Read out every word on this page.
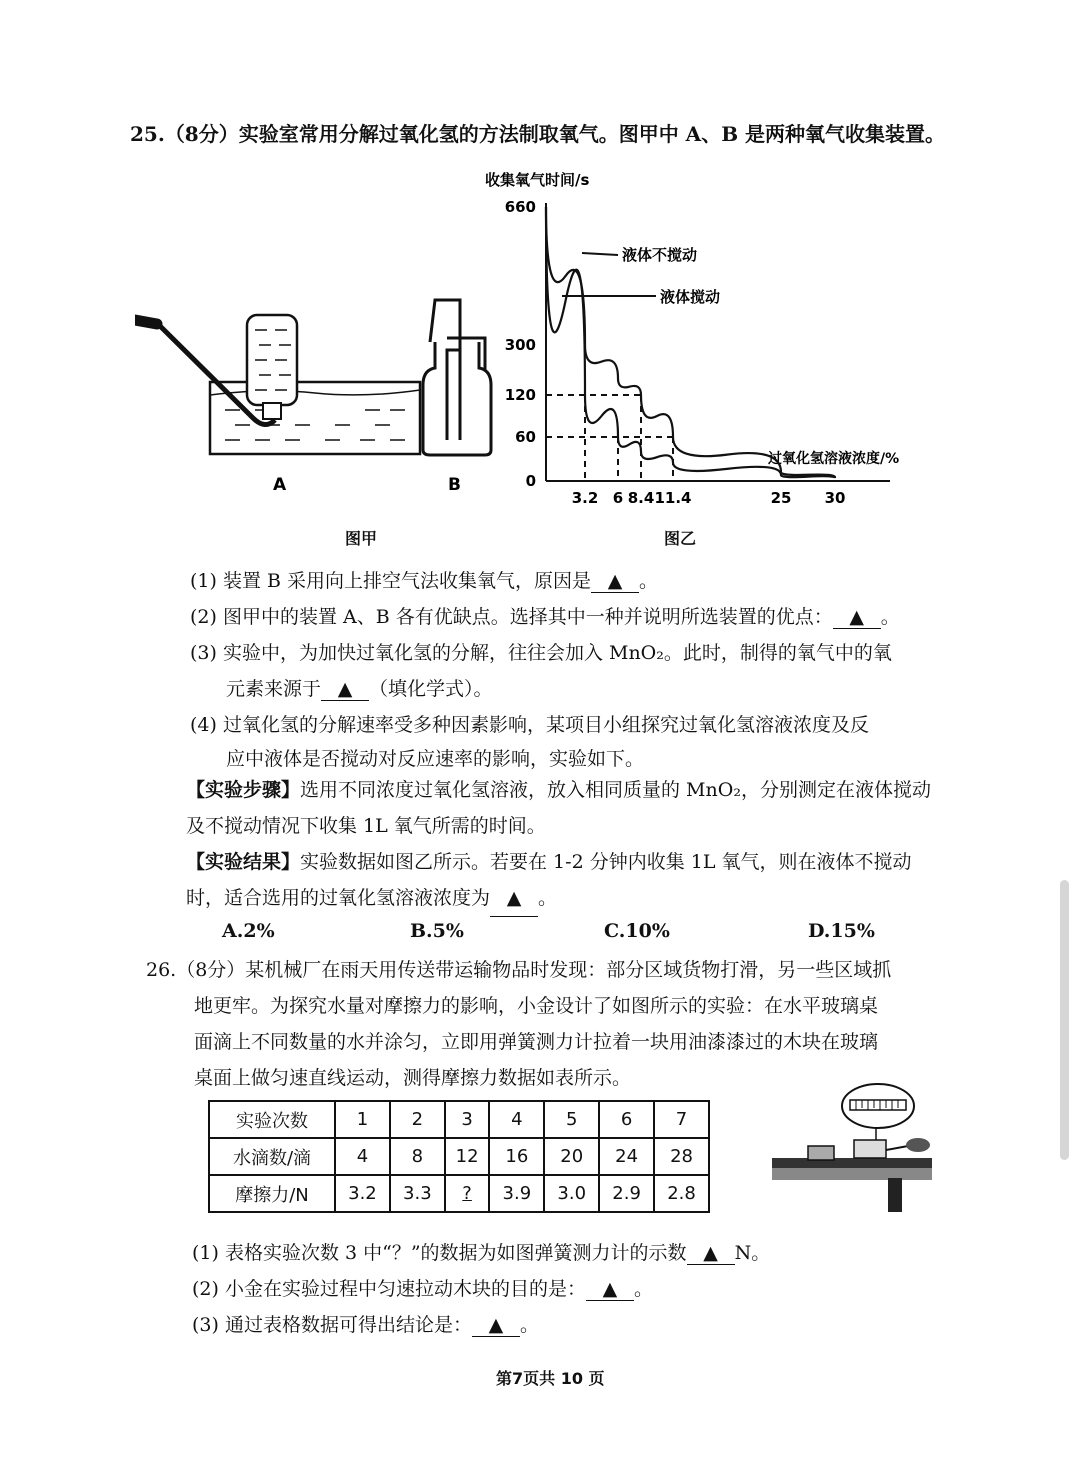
25.（8分）实验室常用分解过氧化氢的方法制取氧气。图甲中 A、B 是两种氧气收集装置。
A	B
图甲
收集氧气时间/s
过氧化氢溶液浓度/%
660
300
120
60
0
3.2 6 8.4 11.4	25 30
液体不搅动
液体搅动
图乙
(1) 装置 B 采用向上排空气法收集氧气，原因是 ▲ 。
(2) 图甲中的装置 A、B 各有优缺点。选择其中一种并说明所选装置的优点： ▲ 。
(3) 实验中，为加快过氧化氢的分解，往往会加入 MnO₂。此时，制得的氧气中的氧
元素来源于 ▲ （填化学式）。
(4) 过氧化氢的分解速率受多种因素影响，某项目小组探究过氧化氢溶液浓度及反
应中液体是否搅动对反应速率的影响，实验如下。
【实验步骤】选用不同浓度过氧化氢溶液，放入相同质量的 MnO₂，分别测定在液体搅动及不搅动情况下收集 1L 氧气所需的时间。
【实验结果】实验数据如图乙所示。若要在 1-2 分钟内收集 1L 氧气，则在液体不搅动时，适合选用的过氧化氢溶液浓度为 ▲ 。
A.2%	B.5%	C.10%	D.15%
26.（8分）某机械厂在雨天用传送带运输物品时发现：部分区域货物打滑，另一些区域抓
地更牢。为探究水量对摩擦力的影响，小金设计了如图所示的实验：在水平玻璃桌
面滴上不同数量的水并涂匀，立即用弹簧测力计拉着一块用油漆漆过的木块在玻璃
桌面上做匀速直线运动，测得摩擦力数据如表所示。
实验次数	1	2	3	4	5	6	7
水滴数/滴	4	8	12	16	20	24	28
摩擦力/N	3.2	3.3	?	3.9	3.0	2.9	2.8
(1) 表格实验次数 3 中“？”的数据为如图弹簧测力计的示数 ▲ N。
(2) 小金在实验过程中匀速拉动木块的目的是： ▲ 。
(3) 通过表格数据可得出结论是： ▲ 。
第7页共 10 页
